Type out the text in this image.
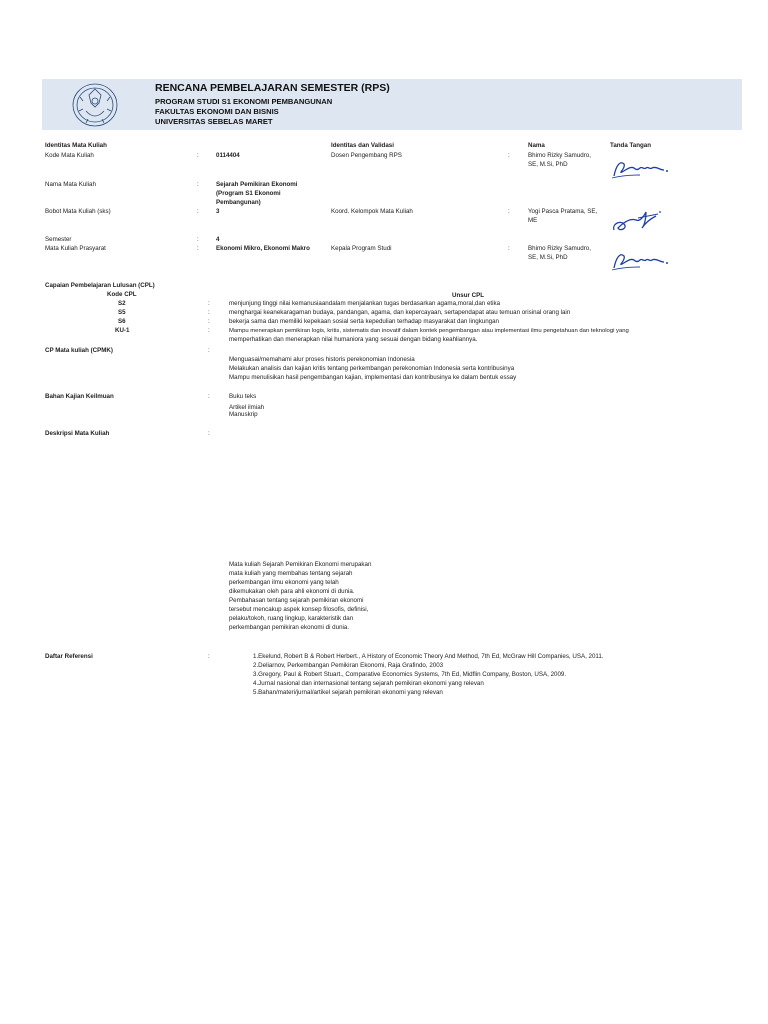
RENCANA PEMBELAJARAN SEMESTER (RPS)
PROGRAM STUDI S1 EKONOMI PEMBANGUNAN
FAKULTAS EKONOMI DAN BISNIS
UNIVERSITAS SEBELAS MARET
Identitas Mata Kuliah	Identitas dan Validasi	Nama	Tanda Tangan
Kode Mata Kuliah	:	0114404	Dosen Pengembang RPS	:	Bhimo Rizky Samudro,
SE, M.Si, PhD
Nama Mata Kuliah	:	Sejarah Pemikiran Ekonomi
(Program S1 Ekonomi
Pembangunan)
Bobot Mata Kuliah (sks)	:	3	Koord. Kelompok Mata Kuliah	:	Yogi Pasca Pratama, SE,
ME
Semester	:	4
Mata Kuliah Prasyarat	:	Ekonomi Mikro, Ekonomi Makro	Kepala Program Studi	:	Bhimo Rizky Samudro,
SE, M.Si, PhD
Capaian Pembelajaran Lulusan (CPL)
Kode CPL	Unsur CPL
S2	:	menjunjung tinggi nilai kemanusiaandalam menjalankan tugas berdasarkan agama,moral,dan etika
S5	:	menghargai keanekaragaman budaya, pandangan, agama, dan kepercayaan, sertapendapat atau temuan orisinal orang lain
S6	:	bekerja sama dan memiliki kepekaan sosial serta kepedulian terhadap masyarakat dan lingkungan
KU-1	:	Mampu menerapkan pemikiran logis, kritis, sistematis dan inovatif dalam kontek pengembangan atau implementasi ilmu pengetahuan dan teknologi yang
memperhatikan dan menerapkan nilai humaniora yang sesuai dengan bidang keahliannya.
CP Mata kuliah (CPMK)	:
Menguasai/memahami alur proses historis perekonomian Indonesia
Melakukan analisis dan kajian kritis tentang perkembangan perekonomian Indonesia serta kontribusinya
Mampu menulisikan hasil pengembangan kajian, implementasi dan kontribusinya ke dalam bentuk essay
Bahan Kajian Keilmuan	:	Buku teks
Artikel ilmiah
Manuskrip
Deskripsi Mata Kuliah	:
Mata kuliah Sejarah Pemikiran Ekonomi merupakan
mata kuliah yang membahas tentang sejarah
perkembangan ilmu ekonomi yang telah
dikemukakan oleh para ahli ekonomi di dunia.
Pembahasan tentang sejarah pemikiran ekonomi
tersebut mencakup aspek konsep filosofis, definisi,
pelaku/tokoh, ruang lingkup, karakteristik dan
perkembangan pemikiran ekonomi di dunia.
Daftar Referensi	:	1.Ekelund, Robert B & Robert Herbert., A History of Economic Theory And Method, 7th Ed, McGraw Hill Companies, USA, 2011.
2.Deliarnov, Perkembangan Pemikiran Ekonomi, Raja Grafindo, 2003
3.Gregory, Paul & Robert Stuart., Comparative Economics Systems, 7th Ed, Midflin Company, Boston, USA, 2009.
4.Jurnal nasional dan internasional tentang sejarah pemikiran ekonomi yang relevan
5.Bahan/materi/jurnal/artikel sejarah pemikiran ekonomi yang relevan
